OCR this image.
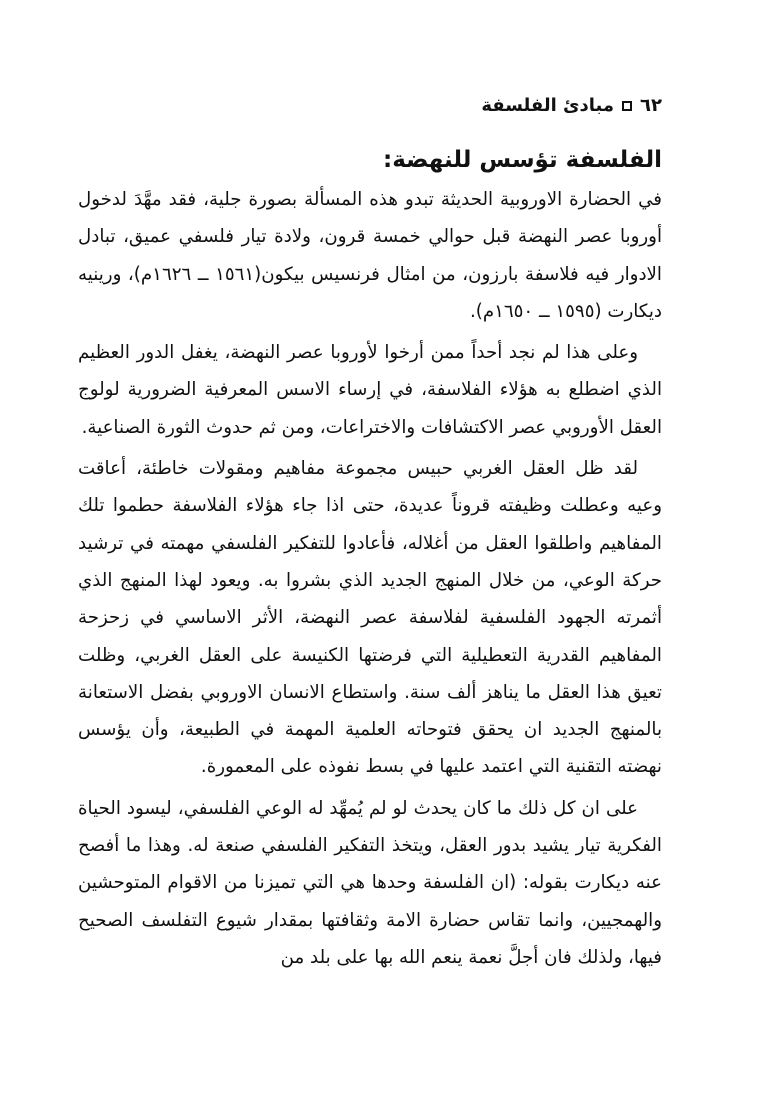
٦٢
مبادئ الفلسفة
الفلسفة تؤسس للنهضة:

في الحضارة الاوروبية الحديثة تبدو هذه المسألة بصورة جلية، فقد مهَّدَ لدخول أوروبا عصر النهضة قبل حوالي خمسة قرون، ولادة تيار فلسفي عميق، تبادل الادوار فيه فلاسفة بارزون، من امثال فرنسيس بيكون(١٥٦١ ــ ١٦٢٦م)، ورينيه ديكارت (١٥٩٥ ــ ١٦٥٠م).

وعلى هذا لم نجد أحداً ممن أرخوا لأوروبا عصر النهضة، يغفل الدور العظيم الذي اضطلع به هؤلاء الفلاسفة، في إرساء الاسس المعرفية الضرورية لولوج العقل الأوروبي عصر الاكتشافات والاختراعات، ومن ثم حدوث الثورة الصناعية.

لقد ظل العقل الغربي حبيس مجموعة مفاهيم ومقولات خاطئة، أعاقت وعيه وعطلت وظيفته قروناً عديدة، حتى اذا جاء هؤلاء الفلاسفة حطموا تلك المفاهيم واطلقوا العقل من أغلاله، فأعادوا للتفكير الفلسفي مهمته في ترشيد حركة الوعي، من خلال المنهج الجديد الذي بشروا به. ويعود لهذا المنهج الذي أثمرته الجهود الفلسفية لفلاسفة عصر النهضة، الأثر الاساسي في زحزحة المفاهيم القدرية التعطيلية التي فرضتها الكنيسة على العقل الغربي، وظلت تعيق هذا العقل ما يناهز ألف سنة. واستطاع الانسان الاوروبي بفضل الاستعانة بالمنهج الجديد ان يحقق فتوحاته العلمية المهمة في الطبيعة، وأن يؤسس نهضته التقنية التي اعتمد عليها في بسط نفوذه على المعمورة.

على ان كل ذلك ما كان يحدث لو لم يُمهِّد له الوعي الفلسفي، ليسود الحياة الفكرية تيار يشيد بدور العقل، ويتخذ التفكير الفلسفي صنعة له. وهذا ما أفصح عنه ديكارت بقوله: (ان الفلسفة وحدها هي التي تميزنا من الاقوام المتوحشين والهمجيين، وانما تقاس حضارة الامة وثقافتها بمقدار شيوع التفلسف الصحيح فيها، ولذلك فان أجلَّ نعمة ينعم الله بها على بلد من
